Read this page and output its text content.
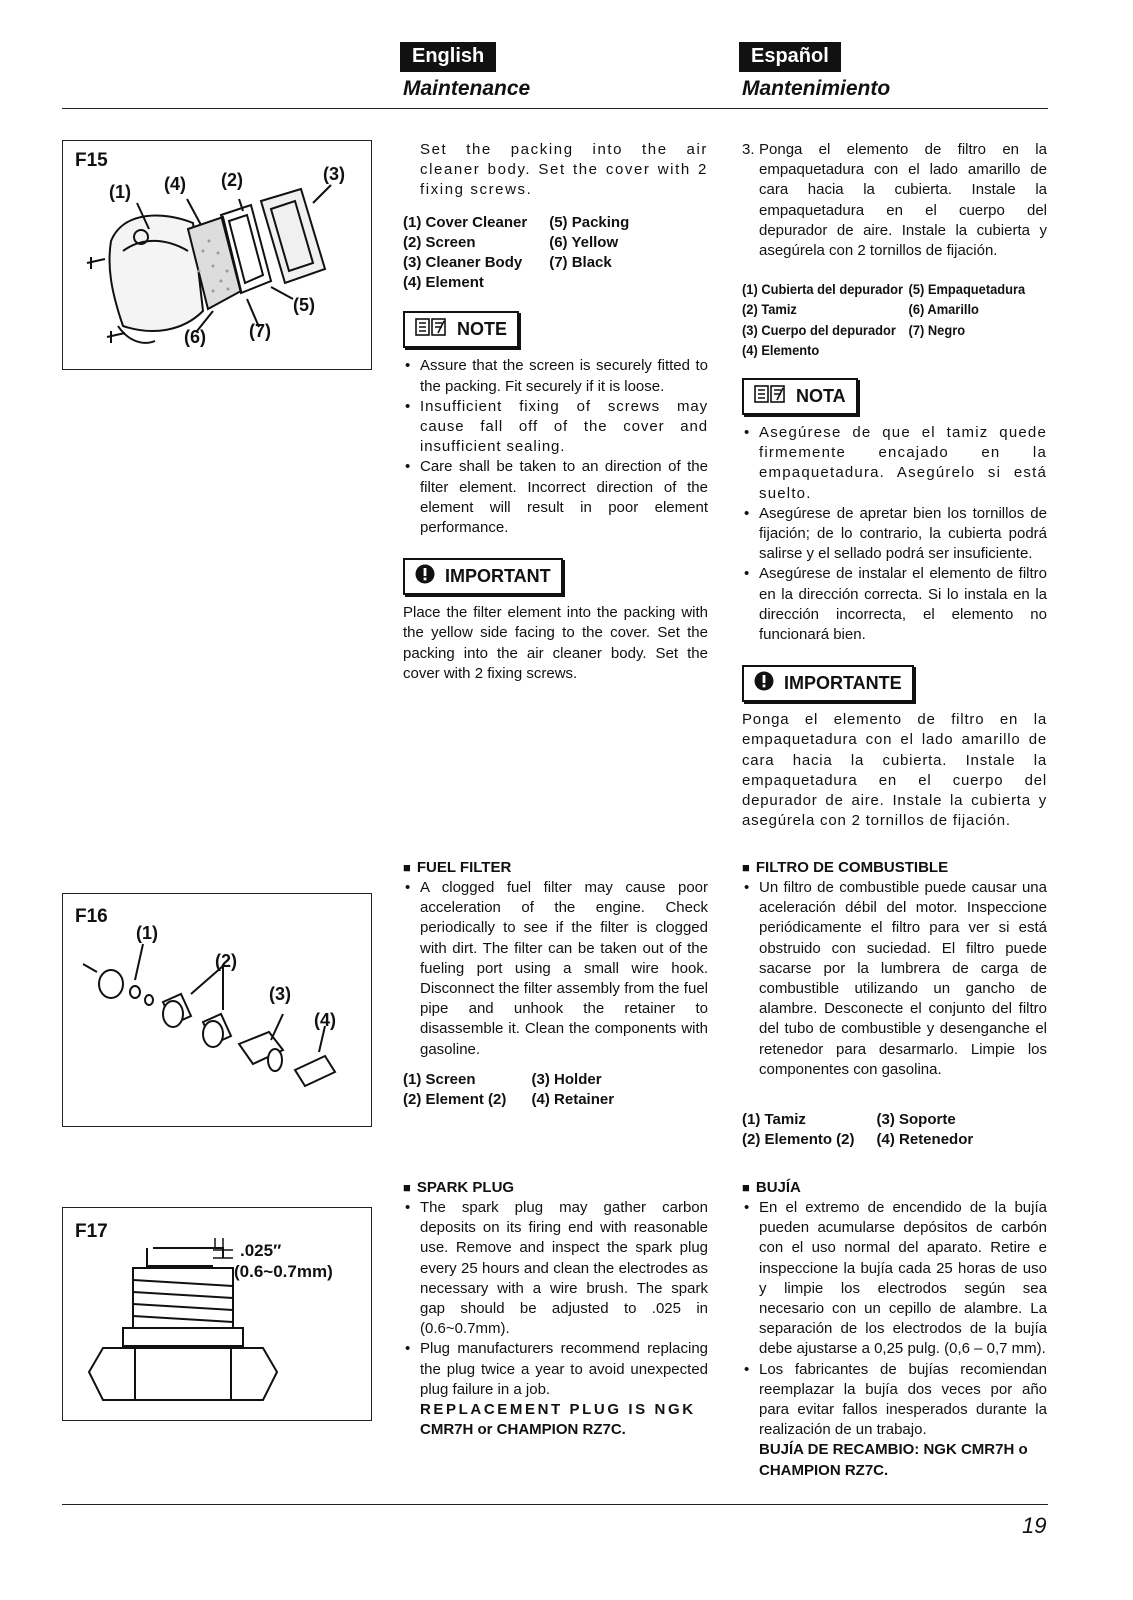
English	Español
Maintenance	Mantenimiento
F15
(1) (4) (2)	(3)
(5)
(6) (7)
F16
(1)
(2)
(3)
(4)
F17
.025″
(0.6~0.7mm)

Set the packing into the air cleaner body. Set the cover with 2 fixing screws.

(1) Cover Cleaner	(5) Packing
(2) Screen	(6) Yellow
(3) Cleaner Body	(7) Black
(4) Element	
NOTE

• Assure that the screen is securely fitted to the packing. Fit securely if it is loose.

• Insufficient fixing of screws may cause fall off of the cover and insufficient sealing.

• Care shall be taken to an direction of the filter element. Incorrect direction of the element will result in poor element performance.

IMPORTANT

Place the filter element into the packing with the yellow side facing to the cover. Set the packing into the air cleaner body. Set the cover with 2 fixing screws.

■ FUEL FILTER

• A clogged fuel filter may cause poor acceleration of the engine. Check periodically to see if the filter is clogged with dirt. The filter can be taken out of the fueling port using a small wire hook. Disconnect the filter assembly from the fuel pipe and unhook the retainer to disassemble it. Clean the components with gasoline.

(1) Screen	(3) Holder
(2) Element (2)	(4) Retainer
■ SPARK PLUG

• The spark plug may gather carbon deposits on its firing end with reasonable use. Remove and inspect the spark plug every 25 hours and clean the electrodes as necessary with a wire brush. The spark gap should be adjusted to .025 in (0.6~0.7mm).

• Plug manufacturers recommend replacing the plug twice a year to avoid unexpected plug failure in a job.

REPLACEMENT PLUG IS NGK
CMR7H or CHAMPION RZ7C.
3. Ponga el elemento de filtro en la empaquetadura con el lado amarillo de cara hacia la cubierta. Instale la empaquetadura en el cuerpo del depurador de aire. Instale la cubierta y asegúrela con 2 tornillos de fijación.

(1) Cubierta del depurador	(5) Empaquetadura
(2) Tamiz	(6) Amarillo
(3) Cuerpo del depurador	(7) Negro
(4) Elemento	
NOTA

• Asegúrese de que el tamiz quede firmemente encajado en la empaquetadura. Asegúrelo si está suelto.

• Asegúrese de apretar bien los tornillos de fijación; de lo contrario, la cubierta podrá salirse y el sellado podrá ser insuficiente.

• Asegúrese de instalar el elemento de filtro en la dirección correcta. Si lo instala en la dirección incorrecta, el elemento no funcionará bien.

IMPORTANTE

Ponga el elemento de filtro en la empaquetadura con el lado amarillo de cara hacia la cubierta. Instale la empaquetadura en el cuerpo del depurador de aire. Instale la cubierta y asegúrela con 2 tornillos de fijación.

■ FILTRO DE COMBUSTIBLE

• Un filtro de combustible puede causar una aceleración débil del motor. Inspeccione periódicamente el filtro para ver si está obstruido con suciedad. El filtro puede sacarse por la lumbrera de carga de combustible utilizando un gancho de alambre. Desconecte el conjunto del filtro del tubo de combustible y desenganche el retenedor para desarmarlo. Limpie los componentes con gasolina.

(1) Tamiz	(3) Soporte
(2) Elemento (2)	(4) Retenedor
■ BUJÍA

• En el extremo de encendido de la bujía pueden acumularse depósitos de carbón con el uso normal del aparato. Retire e inspeccione la bujía cada 25 horas de uso y limpie los electrodos según sea necesario con un cepillo de alambre. La separación de los electrodos de la bujía debe ajustarse a 0,25 pulg. (0,6 – 0,7 mm).

• Los fabricantes de bujías recomiendan reemplazar la bujía dos veces por año para evitar fallos inesperados durante la realización de un trabajo.

BUJÍA DE RECAMBIO: NGK CMR7H o CHAMPION RZ7C.
19
